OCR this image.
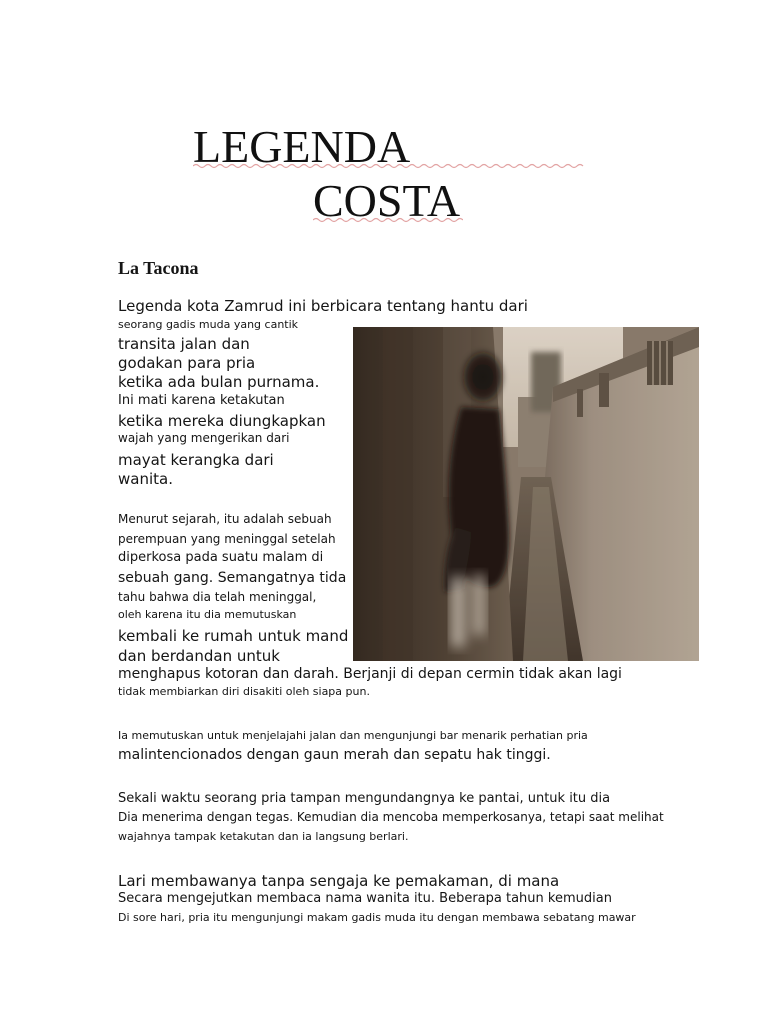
LEGENDA
COSTA
La Tacona
Legenda kota Zamrud ini berbicara tentang hantu dari
seorang gadis muda yang cantik
transita jalan dan
godakan para pria
ketika ada bulan purnama.
Ini mati karena ketakutan
ketika mereka diungkapkan
wajah yang mengerikan dari
mayat kerangka dari
wanita.
Menurut sejarah, itu adalah sebuah
perempuan yang meninggal setelah
diperkosa pada suatu malam di
sebuah gang. Semangatnya tida
tahu bahwa dia telah meninggal,
oleh karena itu dia memutuskan
kembali ke rumah untuk mand
dan berdandan untuk
menghapus kotoran dan darah. Berjanji di depan cermin tidak akan lagi
tidak membiarkan diri disakiti oleh siapa pun.
Ia memutuskan untuk menjelajahi jalan dan mengunjungi bar menarik perhatian pria
malintencionados dengan gaun merah dan sepatu hak tinggi.
Sekali waktu seorang pria tampan mengundangnya ke pantai, untuk itu dia
Dia menerima dengan tegas. Kemudian dia mencoba memperkosanya, tetapi saat melihat
wajahnya tampak ketakutan dan ia langsung berlari.
Lari membawanya tanpa sengaja ke pemakaman, di mana
Secara mengejutkan membaca nama wanita itu. Beberapa tahun kemudian
Di sore hari, pria itu mengunjungi makam gadis muda itu dengan membawa sebatang mawar
